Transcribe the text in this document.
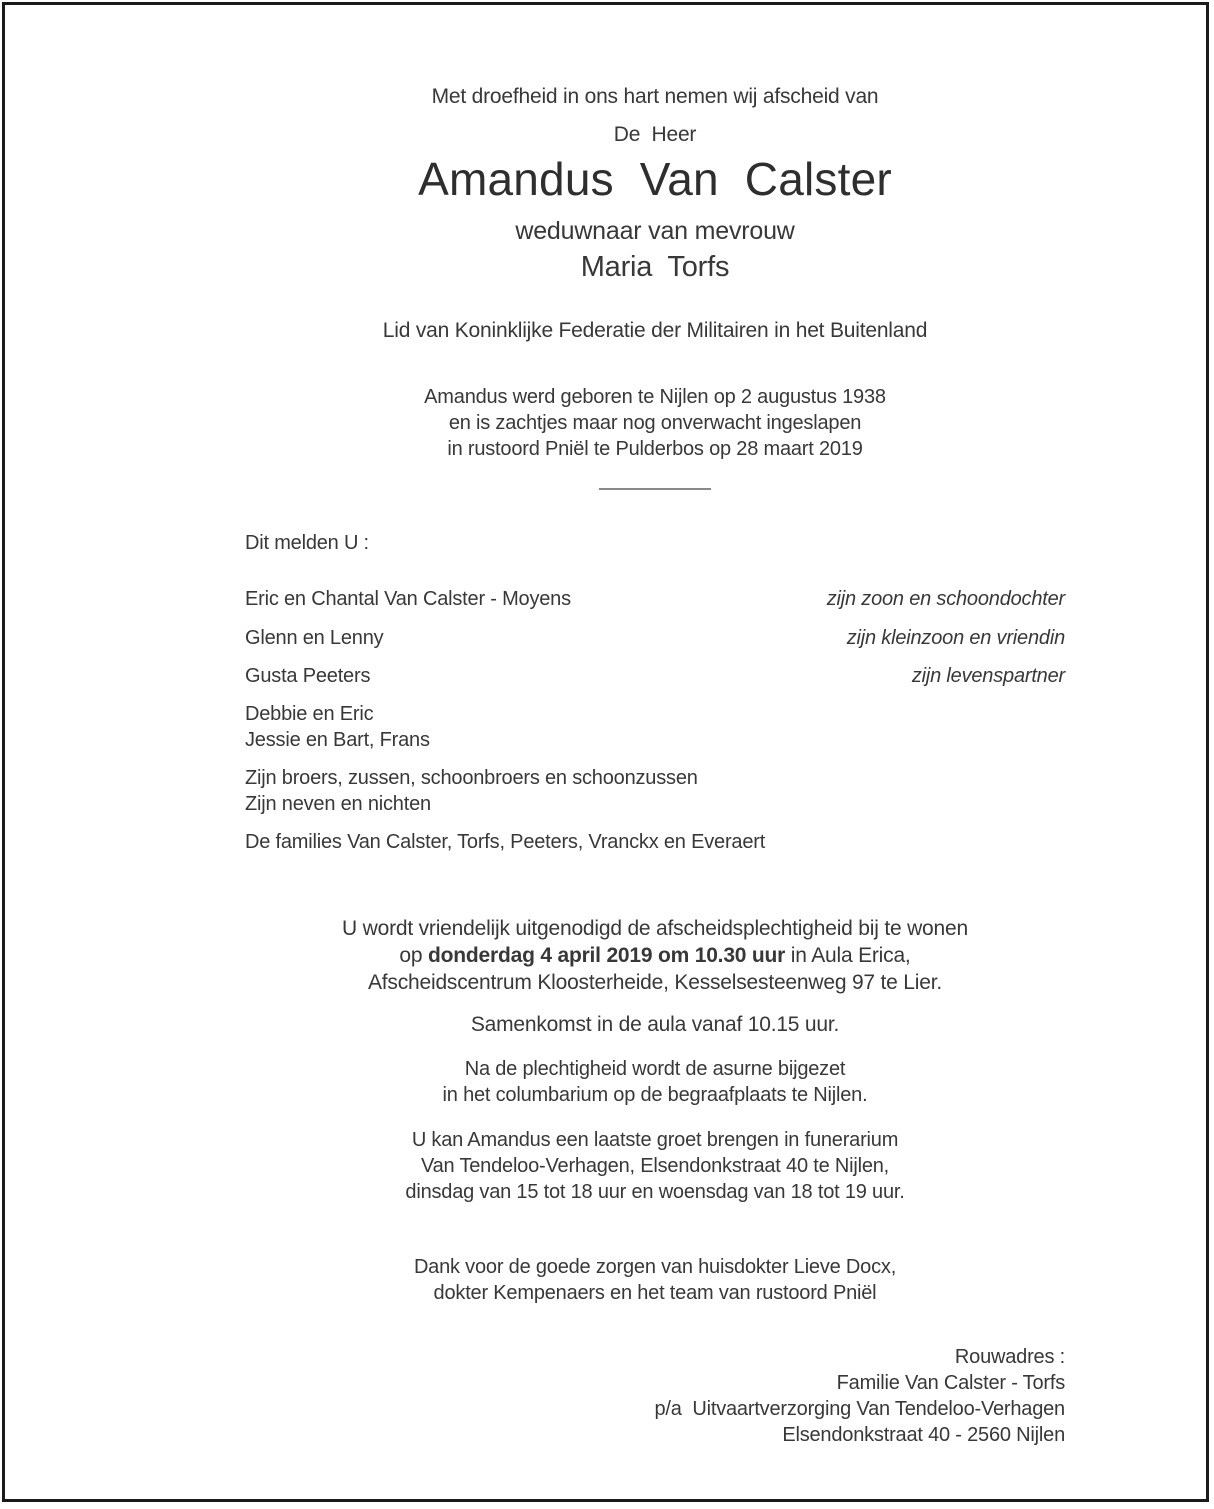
Met droefheid in ons hart nemen wij afscheid van
De  Heer
Amandus  Van  Calster
weduwnaar van mevrouw
Maria  Torfs
Lid van Koninklijke Federatie der Militairen in het Buitenland
Amandus werd geboren te Nijlen op 2 augustus 1938
en is zachtjes maar nog onverwacht ingeslapen
in rustoord Pniël te Pulderbos op 28 maart 2019
Dit melden U :
Eric en Chantal Van Calster - Moyens	zijn zoon en schoondochter
Glenn en Lenny	zijn kleinzoon en vriendin
Gusta Peeters	zijn levenspartner
Debbie en Eric
Jessie en Bart, Frans
Zijn broers, zussen, schoonbroers en schoonzussen
Zijn neven en nichten
De families Van Calster, Torfs, Peeters, Vranckx en Everaert
U wordt vriendelijk uitgenodigd de afscheidsplechtigheid bij te wonen
op donderdag 4 april 2019 om 10.30 uur in Aula Erica,
Afscheidscentrum Kloosterheide, Kesselsesteenweg 97 te Lier.
Samenkomst in de aula vanaf 10.15 uur.
Na de plechtigheid wordt de asurne bijgezet
in het columbarium op de begraafplaats te Nijlen.
U kan Amandus een laatste groet brengen in funerarium
Van Tendeloo-Verhagen, Elsendonkstraat 40 te Nijlen,
dinsdag van 15 tot 18 uur en woensdag van 18 tot 19 uur.
Dank voor de goede zorgen van huisdokter Lieve Docx,
dokter Kempenaers en het team van rustoord Pniël
Rouwadres :
Familie Van Calster - Torfs
p/a  Uitvaartverzorging Van Tendeloo-Verhagen
Elsendonkstraat 40 - 2560 Nijlen
